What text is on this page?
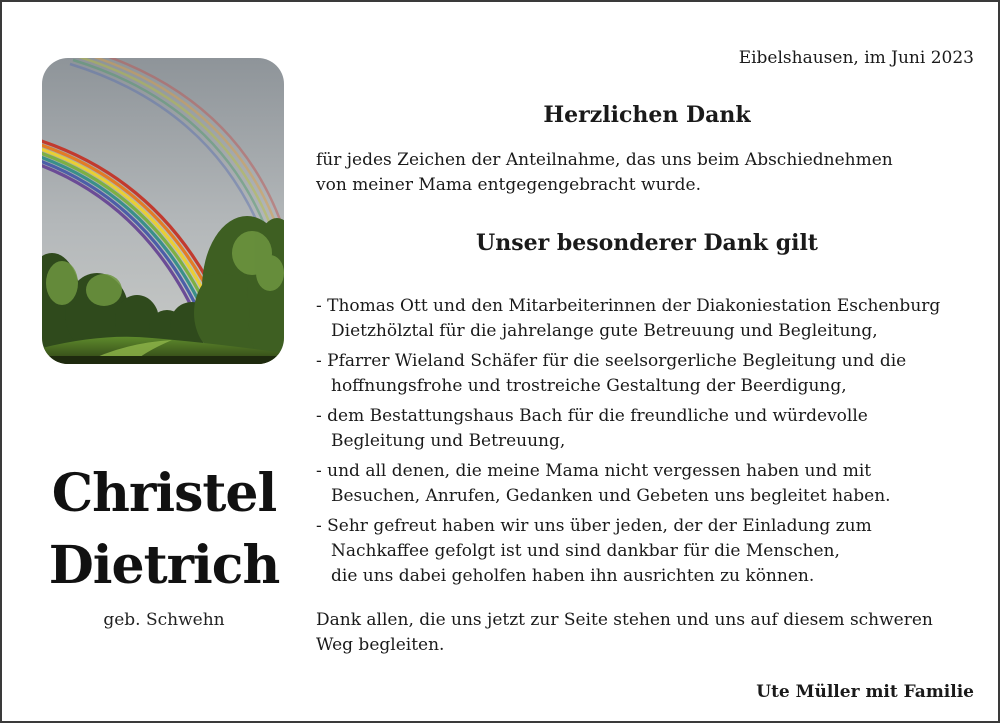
Christel
Dietrich
geb. Schwehn
Eibelshausen, im Juni 2023
Herzlichen Dank
für jedes Zeichen der Anteilnahme, das uns beim Abschiednehmen
von meiner Mama entgegengebracht wurde.
Unser besonderer Dank gilt
- Thomas Ott und den Mitarbeiterinnen der Diakoniestation Eschenburg
Dietzhölztal für die jahrelange gute Betreuung und Begleitung,
- Pfarrer Wieland Schäfer für die seelsorgerliche Begleitung und die
hoffnungsfrohe und trostreiche Gestaltung der Beerdigung,
- dem Bestattungshaus Bach für die freundliche und würdevolle
Begleitung und Betreuung,
- und all denen, die meine Mama nicht vergessen haben und mit
Besuchen, Anrufen, Gedanken und Gebeten uns begleitet haben.
- Sehr gefreut haben wir uns über jeden, der der Einladung zum
Nachkaffee gefolgt ist und sind dankbar für die Menschen,
die uns dabei geholfen haben ihn ausrichten zu können.
Dank allen, die uns jetzt zur Seite stehen und uns auf diesem schweren
Weg begleiten.
Ute Müller mit Familie
